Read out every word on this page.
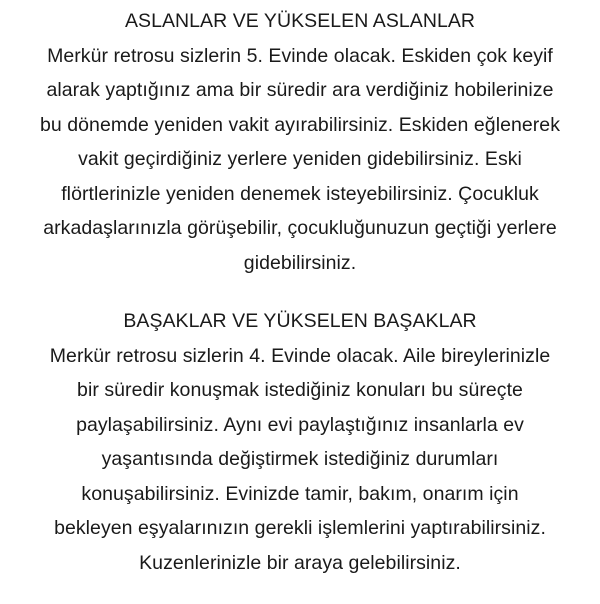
ASLANLAR VE YÜKSELEN ASLANLAR
Merkür retrosu sizlerin 5. Evinde olacak. Eskiden çok keyif
alarak yaptığınız ama bir süredir ara verdiğiniz hobilerinize
bu dönemde yeniden vakit ayırabilirsiniz. Eskiden eğlenerek
vakit geçirdiğiniz yerlere yeniden gidebilirsiniz. Eski
flörtlerinizle yeniden denemek isteyebilirsiniz. Çocukluk
arkadaşlarınızla görüşebilir, çocukluğunuzun geçtiği yerlere
gidebilirsiniz.
BAŞAKLAR VE YÜKSELEN BAŞAKLAR
Merkür retrosu sizlerin 4. Evinde olacak. Aile bireylerinizle
bir süredir konuşmak istediğiniz konuları bu süreçte
paylaşabilirsiniz. Aynı evi paylaştığınız insanlarla ev
yaşantısında değiştirmek istediğiniz durumları
konuşabilirsiniz. Evinizde tamir, bakım, onarım için
bekleyen eşyalarınızın gerekli işlemlerini yaptırabilirsiniz.
Kuzenlerinizle bir araya gelebilirsiniz.
